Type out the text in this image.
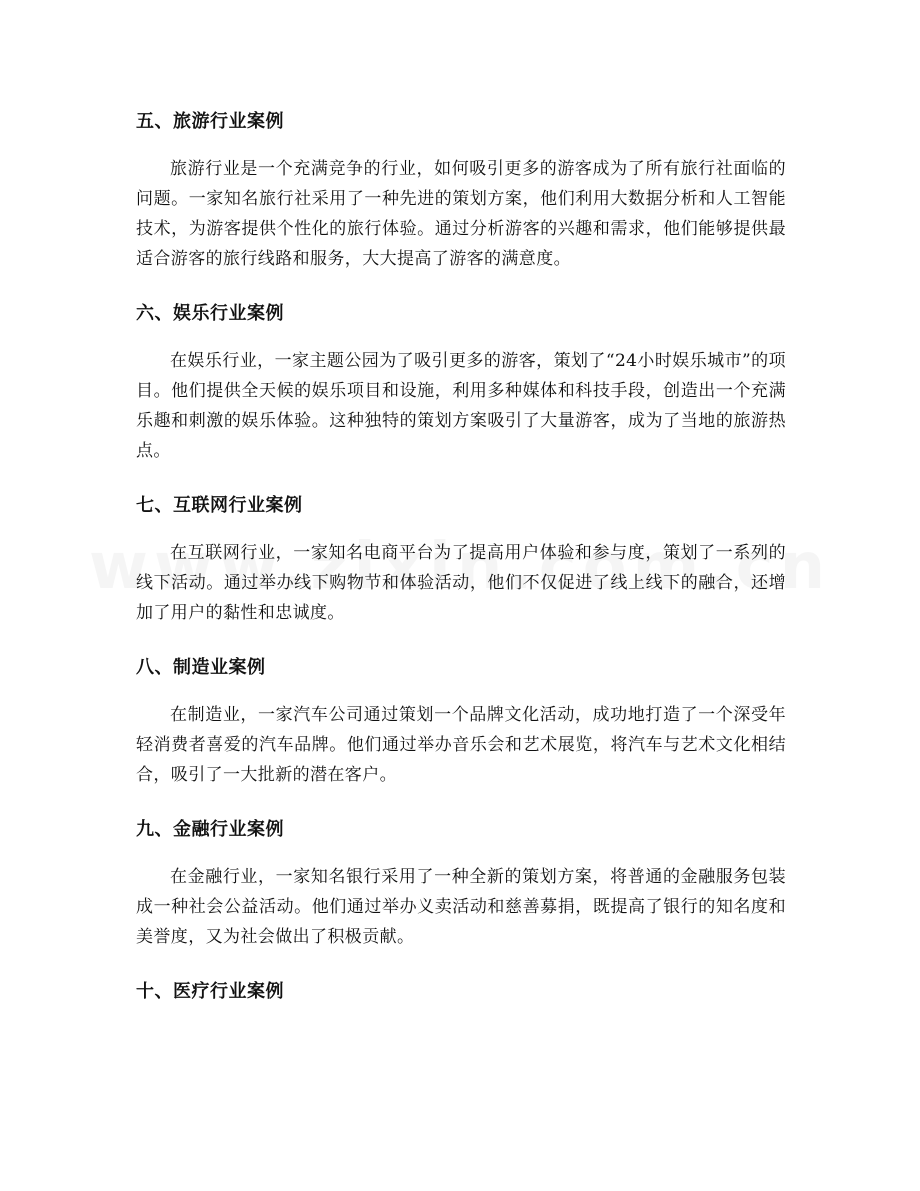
五、旅游行业案例

旅游行业是一个充满竞争的行业，如何吸引更多的游客成为了所有旅行社面临的问题。一家知名旅行社采用了一种先进的策划方案，他们利用大数据分析和人工智能技术，为游客提供个性化的旅行体验。通过分析游客的兴趣和需求，他们能够提供最适合游客的旅行线路和服务，大大提高了游客的满意度。

六、娱乐行业案例

在娱乐行业，一家主题公园为了吸引更多的游客，策划了“24小时娱乐城市”的项目。他们提供全天候的娱乐项目和设施，利用多种媒体和科技手段，创造出一个充满乐趣和刺激的娱乐体验。这种独特的策划方案吸引了大量游客，成为了当地的旅游热点。

七、互联网行业案例

在互联网行业，一家知名电商平台为了提高用户体验和参与度，策划了一系列的线下活动。通过举办线下购物节和体验活动，他们不仅促进了线上线下的融合，还增加了用户的黏性和忠诚度。

八、制造业案例

在制造业，一家汽车公司通过策划一个品牌文化活动，成功地打造了一个深受年轻消费者喜爱的汽车品牌。他们通过举办音乐会和艺术展览，将汽车与艺术文化相结合，吸引了一大批新的潜在客户。

九、金融行业案例

在金融行业，一家知名银行采用了一种全新的策划方案，将普通的金融服务包装成一种社会公益活动。他们通过举办义卖活动和慈善募捐，既提高了银行的知名度和美誉度，又为社会做出了积极贡献。

十、医疗行业案例
